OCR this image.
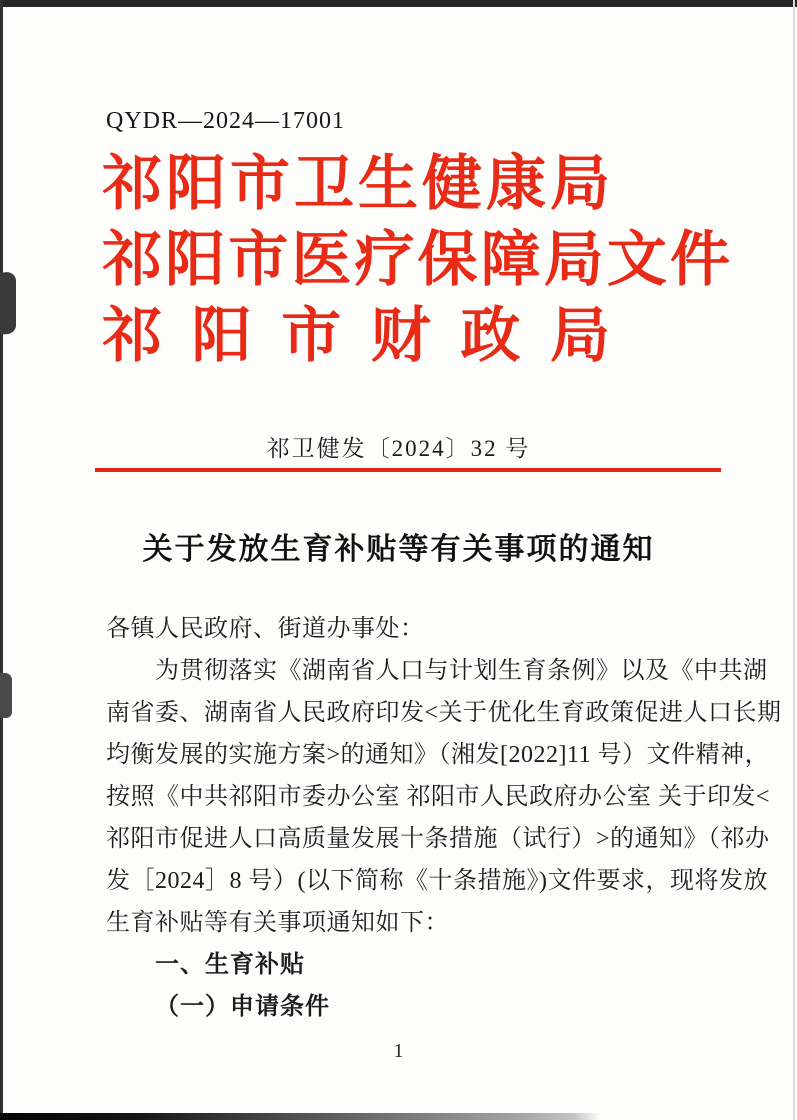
QYDR—2024—17001
祁 阳 市 卫 生 健 康 局
祁 阳 市 医 疗 保 障 局 文 件
祁 阳 市 财 政 局
祁卫健发〔2024〕32 号
关于发放生育补贴等有关事项的通知
各镇人民政府、街道办事处：
为贯彻落实《湖南省人口与计划生育条例》以及《中共湖
南省委、湖南省人民政府印发<关于优化生育政策促进人口长期
均衡发展的实施方案>的通知》（湘发[2022]11 号）文件精神，
按照《中共祁阳市委办公室 祁阳市人民政府办公室 关于印发<
祁阳市促进人口高质量发展十条措施（试行）>的通知》（祁办
发［2024］8 号）(以下简称《十条措施》)文件要求，现将发放
生育补贴等有关事项通知如下：
一、生育补贴
（一）申请条件
1
